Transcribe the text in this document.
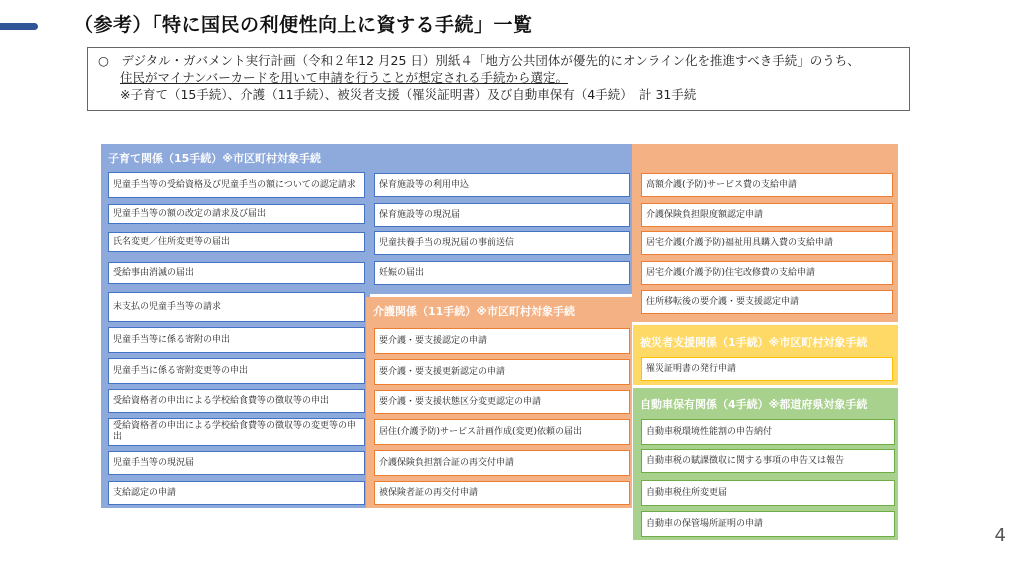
（参考）「特に国民の利便性向上に資する手続」一覧
○　デジタル・ガバメント実行計画（令和２年12 月25 日）別紙４「地方公共団体が優先的にオンライン化を推進すべき手続」のうち、
住民がマイナンバーカードを用いて申請を行うことが想定される手続から選定。
※子育て（15手続）、介護（11手続）、被災者支援（罹災証明書）及び自動車保有（4手続）　計 31手続
子育て関係（15手続）※市区町村対象手続
介護関係（11手続）※市区町村対象手続
被災者支援関係（1手続）※市区町村対象手続
自動車保有関係（4手続）※都道府県対象手続
児童手当等の受給資格及び児童手当の額についての認定請求
児童手当等の額の改定の請求及び届出
氏名変更／住所変更等の届出
受給事由消滅の届出
未支払の児童手当等の請求
児童手当等に係る寄附の申出
児童手当に係る寄附変更等の申出
受給資格者の申出による学校給食費等の徴収等の申出
受給資格者の申出による学校給食費等の徴収等の変更等の申出
児童手当等の現況届
支給認定の申請
保育施設等の利用申込
保育施設等の現況届
児童扶養手当の現況届の事前送信
妊娠の届出
要介護・要支援認定の申請
要介護・要支援更新認定の申請
要介護・要支援状態区分変更認定の申請
居住(介護予防)サービス計画作成(変更)依頼の届出
介護保険負担割合証の再交付申請
被保険者証の再交付申請
高額介護(予防)サービス費の支給申請
介護保険負担限度額認定申請
居宅介護(介護予防)福祉用具購入費の支給申請
居宅介護(介護予防)住宅改修費の支給申請
住所移転後の要介護・要支援認定申請
罹災証明書の発行申請
自動車税環境性能割の申告納付
自動車税の賦課徴収に関する事項の申告又は報告
自動車税住所変更届
自動車の保管場所証明の申請
4
